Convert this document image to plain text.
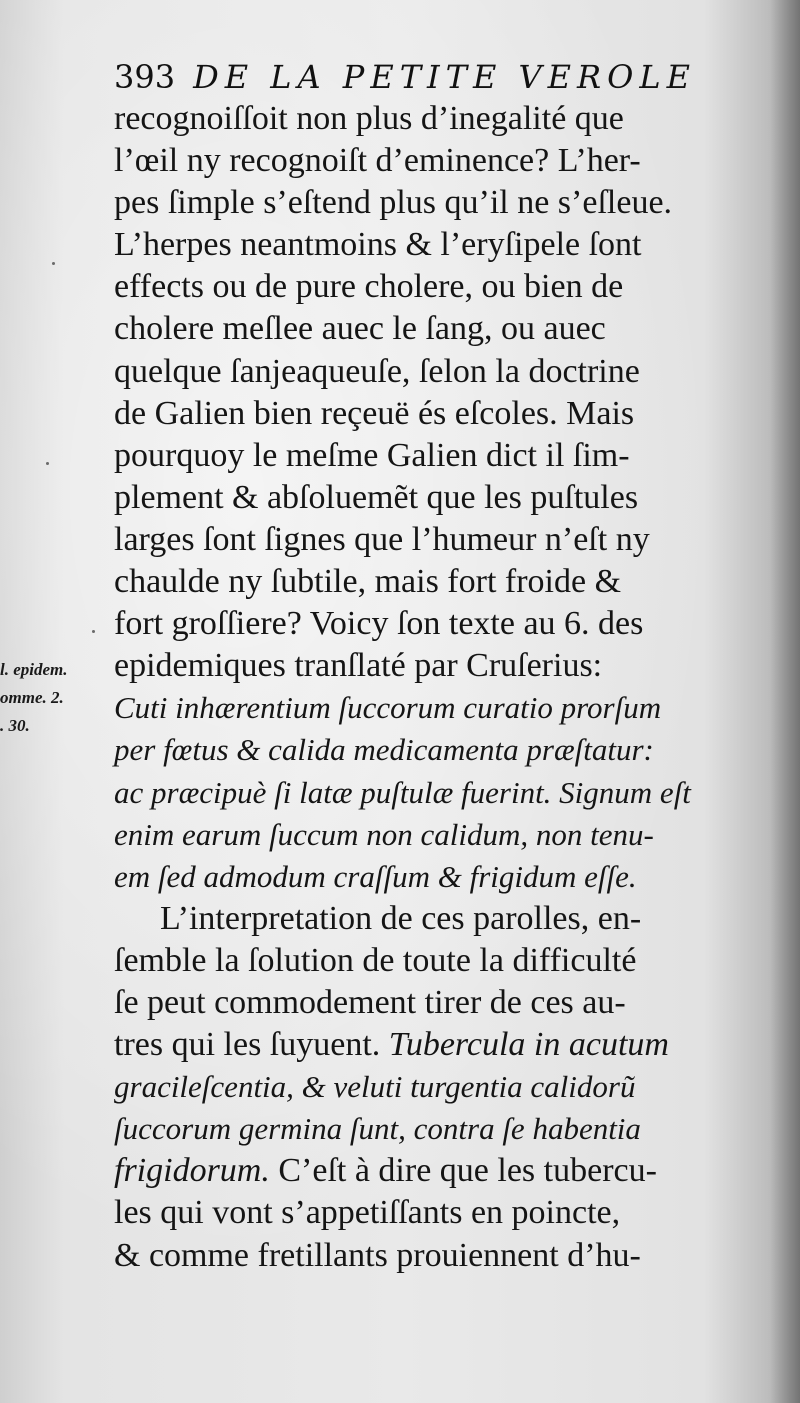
393 DE LA PETITE VEROLE
l. epidem.
omme. 2.
. 30.
recognoiſſoit non plus d’inegalité que
l’œil ny recognoiſt d’eminence? L’her-
pes ſimple s’eſtend plus qu’il ne s’eſleue.
L’herpes neantmoins & l’eryſipele ſont
effects ou de pure cholere, ou bien de
cholere meſlee auec le ſang, ou auec
quelque ſanjeaqueuſe, ſelon la doctrine
de Galien bien reçeuë és eſcoles. Mais
pourquoy le meſme Galien dict il ſim-
plement & abſoluemẽt que les puſtules
larges ſont ſignes que l’humeur n’eſt ny
chaulde ny ſubtile, mais fort froide &
fort groſſiere? Voicy ſon texte au 6. des
epidemiques tranſlaté par Cruſerius:
Cuti inhærentium ſuccorum curatio prorſum
per fœtus & calida medicamenta præſtatur:
ac præcipuè ſi latæ puſtulæ fuerint. Signum eſt
enim earum ſuccum non calidum, non tenu-
em ſed admodum craſſum & frigidum eſſe.
L’interpretation de ces parolles, en-
ſemble la ſolution de toute la difficulté
ſe peut commodement tirer de ces au-
tres qui les ſuyuent. Tubercula in acutum
gracileſcentia, & veluti turgentia calidorũ
ſuccorum germina ſunt, contra ſe habentia
frigidorum. C’eſt à dire que les tubercu-
les qui vont s’appetiſſants en poincte,
& comme fretillants prouiennent d’hu-
